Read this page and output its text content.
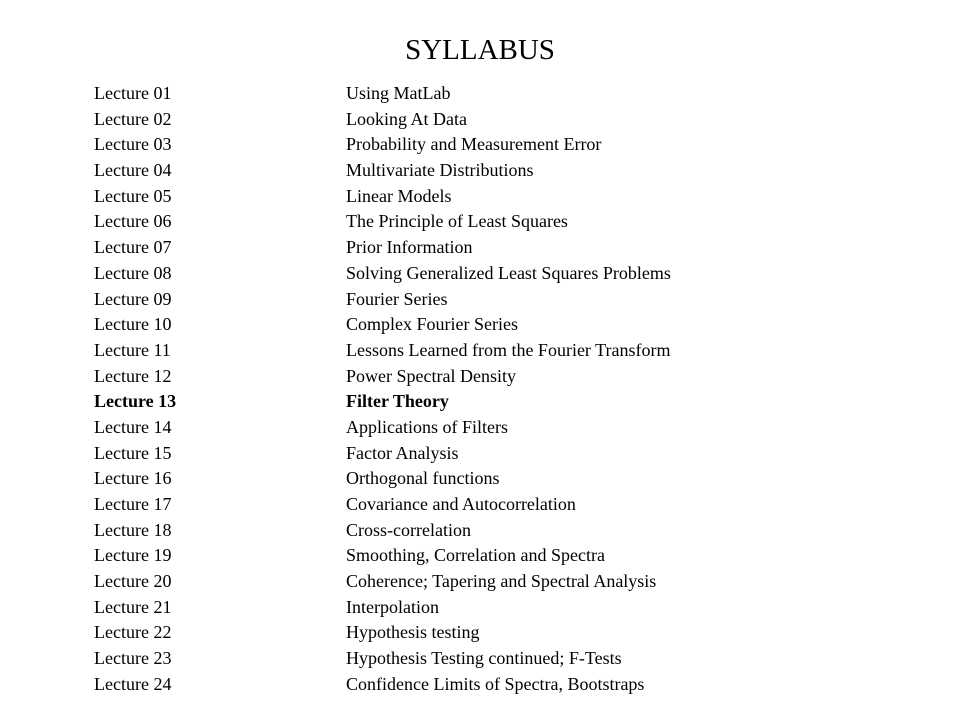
SYLLABUS
Lecture 01	Using MatLab
Lecture 02	Looking At Data
Lecture 03	Probability and Measurement Error
Lecture 04	Multivariate Distributions
Lecture 05	Linear Models
Lecture 06	The Principle of Least Squares
Lecture 07	Prior Information
Lecture 08	Solving Generalized Least Squares Problems
Lecture 09	Fourier Series
Lecture 10	Complex Fourier Series
Lecture 11	Lessons Learned from the Fourier Transform
Lecture 12	Power Spectral Density
Lecture 13	Filter Theory
Lecture 14	Applications of Filters
Lecture 15	Factor Analysis
Lecture 16	Orthogonal functions
Lecture 17	Covariance and Autocorrelation
Lecture 18	Cross-correlation
Lecture 19	Smoothing, Correlation and Spectra
Lecture 20	Coherence; Tapering and Spectral Analysis
Lecture 21	Interpolation
Lecture 22	Hypothesis testing
Lecture 23	Hypothesis Testing continued; F-Tests
Lecture 24	Confidence Limits of Spectra, Bootstraps
